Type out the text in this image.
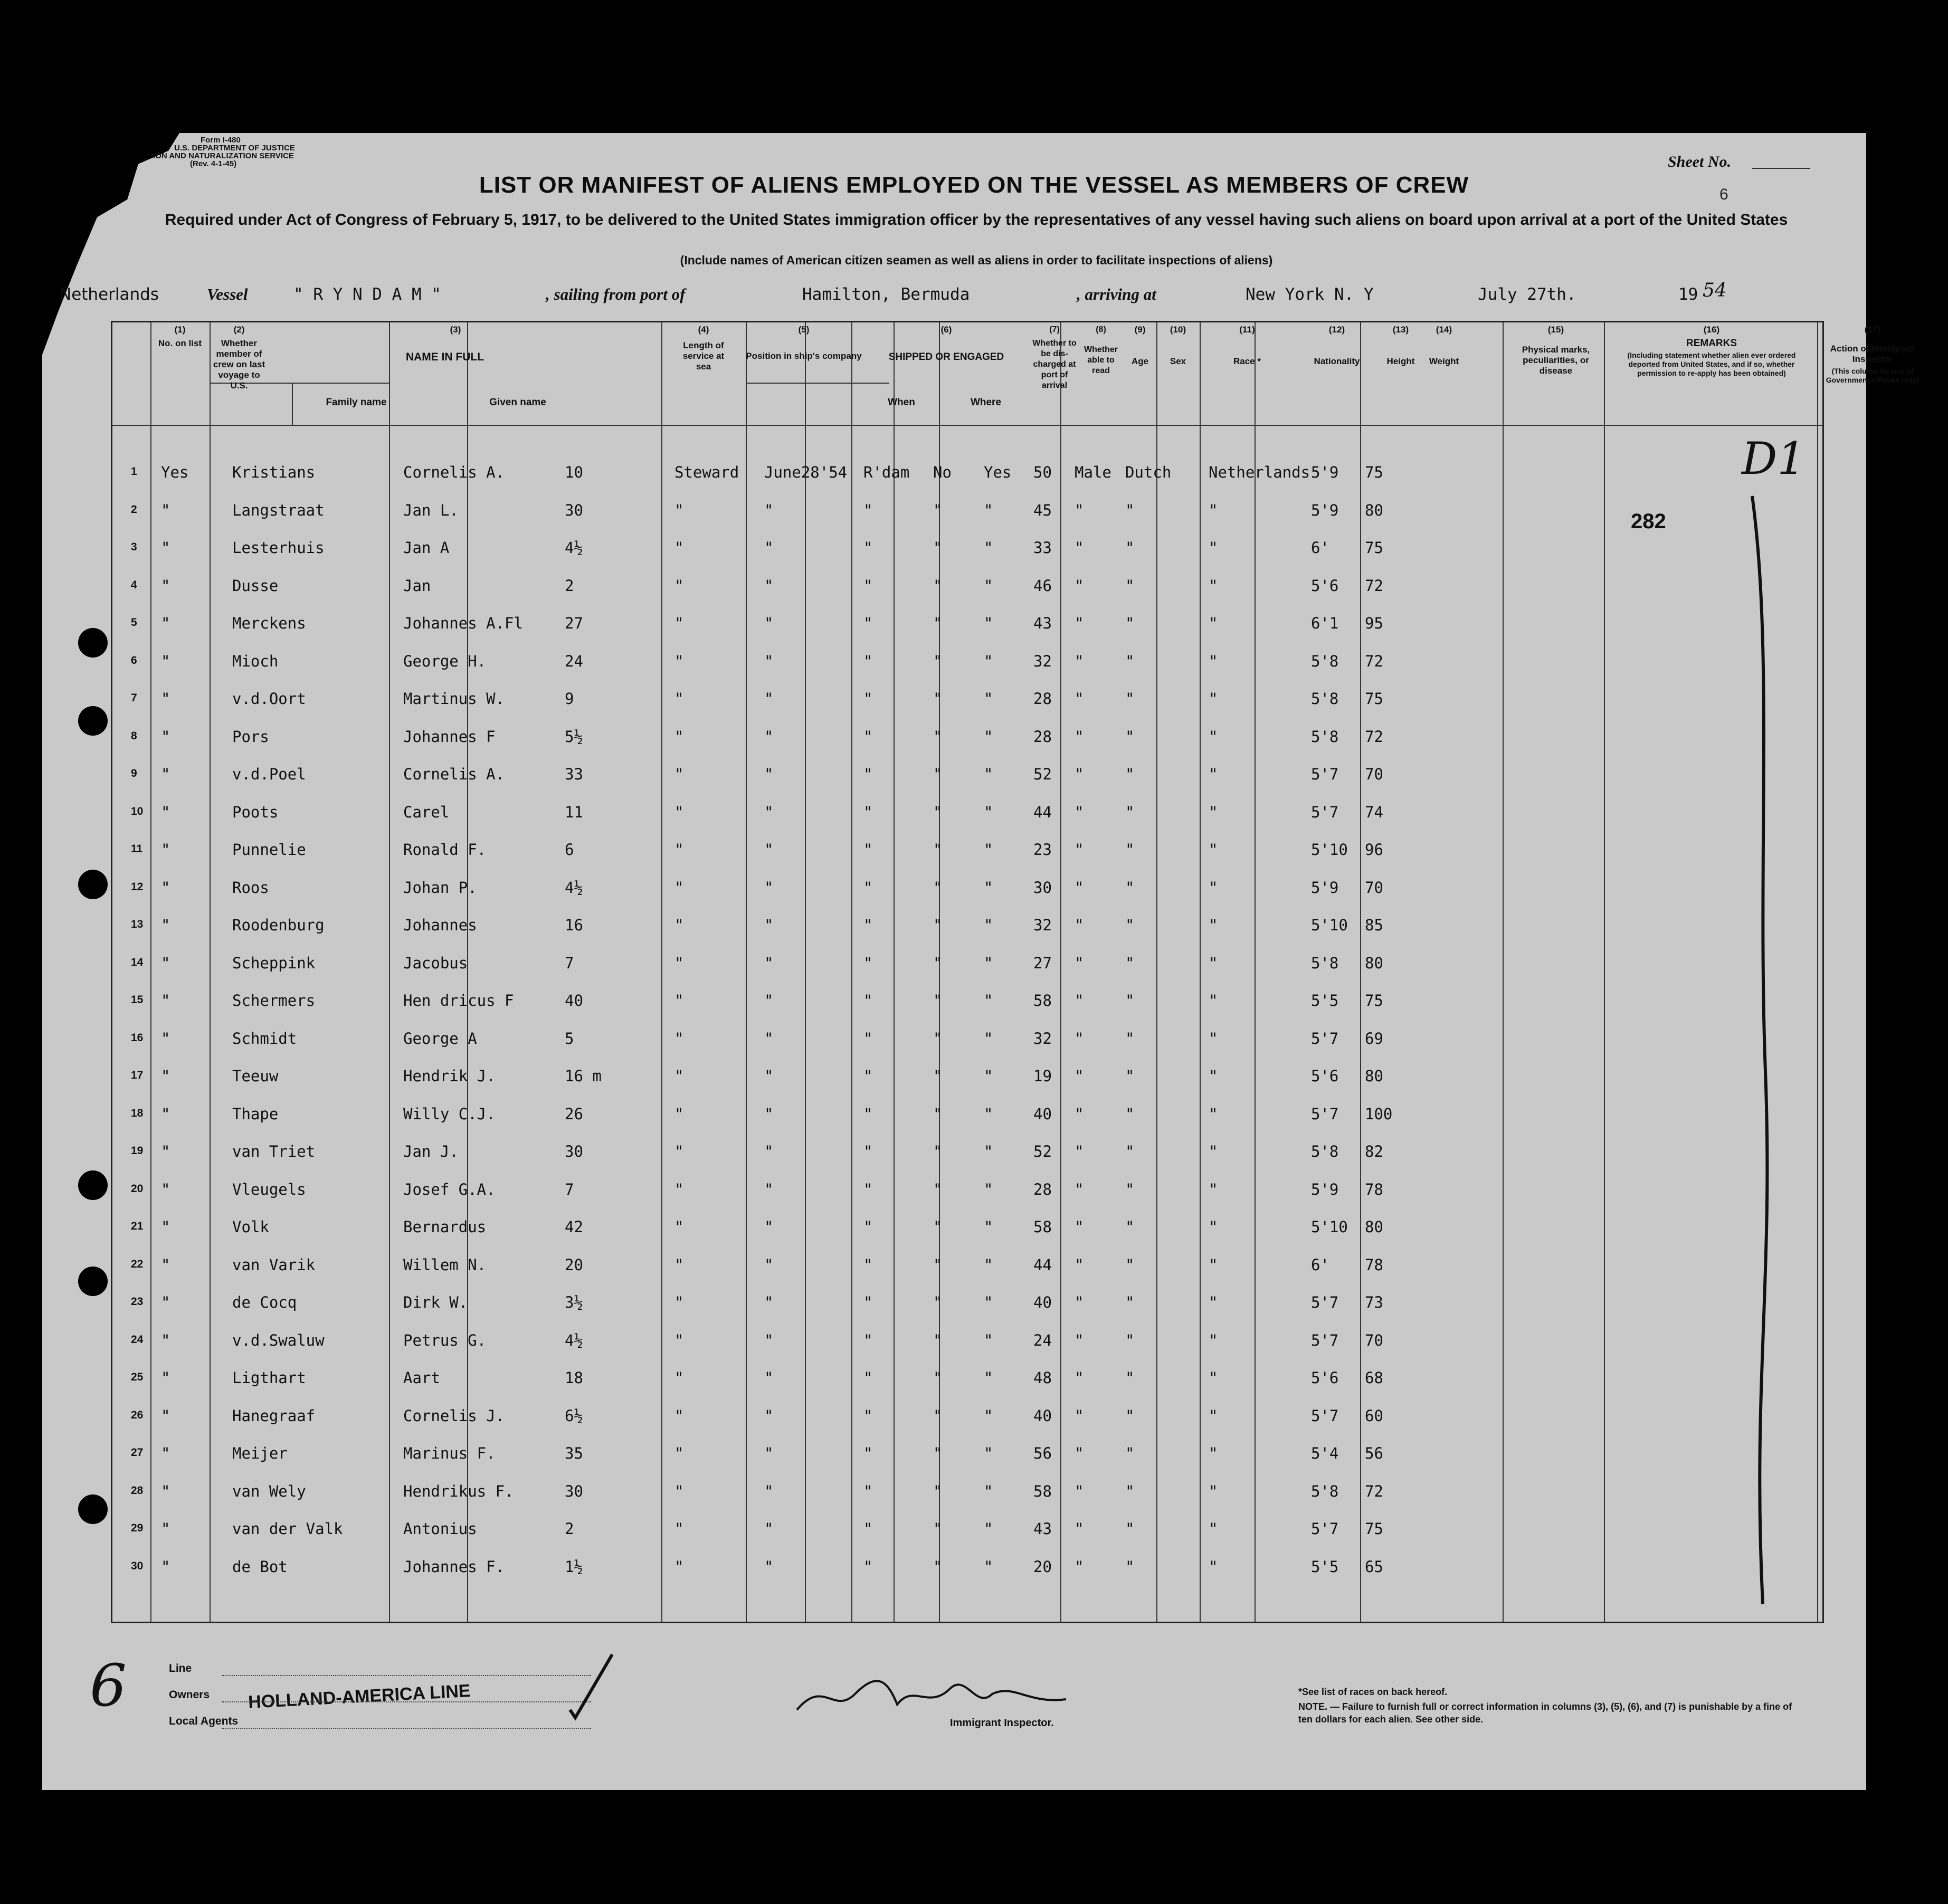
Form I-480
U.S. DEPARTMENT OF JUSTICE
ION AND NATURALIZATION SERVICE
(Rev. 4-1-45)	Sheet No.
6
LIST OR MANIFEST OF ALIENS EMPLOYED ON THE VESSEL AS MEMBERS OF CREW
Required under Act of Congress of February 5, 1917, to be delivered to the United States immigration officer by the representatives of any vessel having such aliens on board upon arrival at a port of the United States
(Include names of American citizen seamen as well as aliens in order to facilitate inspections of aliens)
Netherlands	Vessel	" R Y N D A M "	, sailing from port of	Hamilton, Bermuda	, arriving at	New York N. Y	July 27th.	19 54
(1)
No. on list
(2)
Whether member of crew on last voyage to U.S.
(3)
NAME IN FULL
Family name	Given name
(4)
Length of service at sea
(5)
Position in ship's company
(6)
SHIPPED OR ENGAGED
When	Where
(7)
Whether to be dis-charged at port of arrival
(8)
Whether able to read
(9)
Age
(10)
Sex
(11)
Race *
(12)
Nationality
(13)
Height
(14)
Weight
(15)
Physical marks, peculiarities, or disease
(16)
REMARKS
(Including statement whether alien ever ordered deported from United States, and if so, whether permission to re-apply has been obtained)
(17)
Action of Immigrant Inspector
(This column for use of Government officials only)
1 Yes	Kristians	Cornelis A.	10	Steward June28'54 R'dam No Yes 50 Male Dutch Netherlands 5'9 75
2 "	Langstraat	Jan L.	30	"	"	"	"	"	45 "	"	"	5'9 80
3 "	Lesterhuis	Jan A	4½	"	"	"	"	"	33 "	"	"	6' 75
4 "	Dusse	Jan	2	"	"	"	"	"	46 "	"	"	5'6 72
5 "	Merckens	Johannes A.Fl	27	"	"	"	"	"	43 "	"	"	6'1 95
6 "	Mioch	George H.	24	"	"	"	"	"	32 "	"	"	5'8 72
7 "	v.d.Oort	Martinus W.	9	"	"	"	"	"	28 "	"	"	5'8 75
8 "	Pors	Johannes F	5½	"	"	"	"	"	28 "	"	"	5'8 72
9 "	v.d.Poel	Cornelis A.	33	"	"	"	"	"	52 "	"	"	5'7 70
10 "	Poots	Carel	11	"	"	"	"	"	44 "	"	"	5'7 74
11 "	Punnelie	Ronald F.	6	"	"	"	"	"	23 "	"	"	5'10 96
12 "	Roos	Johan P.	4½	"	"	"	"	"	30 "	"	"	5'9 70
13 "	Roodenburg	Johannes	16	"	"	"	"	"	32 "	"	"	5'10 85
14 "	Scheppink	Jacobus	7	"	"	"	"	"	27 "	"	"	5'8 80
15 "	Schermers	Hen dricus F	40	"	"	"	"	"	58 "	"	"	5'5 75
16 "	Schmidt	George A	5	"	"	"	"	"	32 "	"	"	5'7 69
17 "	Teeuw	Hendrik J.	16 m	"	"	"	"	"	19 "	"	"	5'6 80
18 "	Thape	Willy C.J.	26	"	"	"	"	"	40 "	"	"	5'7 100
19 "	van Triet	Jan J.	30	"	"	"	"	"	52 "	"	"	5'8 82
20 "	Vleugels	Josef G.A.	7	"	"	"	"	"	28 "	"	"	5'9 78
21 "	Volk	Bernardus	42	"	"	"	"	"	58 "	"	"	5'10 80
22 "	van Varik	Willem N.	20	"	"	"	"	"	44 "	"	"	6' 78
23 "	de Cocq	Dirk W.	3½	"	"	"	"	"	40 "	"	"	5'7 73
24 "	v.d.Swaluw	Petrus G.	4½	"	"	"	"	"	24 "	"	"	5'7 70
25 "	Ligthart	Aart	18	"	"	"	"	"	48 "	"	"	5'6 68
26 "	Hanegraaf	Cornelis J.	6½	"	"	"	"	"	40 "	"	"	5'7 60
27 "	Meijer	Marinus F.	35	"	"	"	"	"	56 "	"	"	5'4 56
28 "	van Wely	Hendrikus F.	30	"	"	"	"	"	58 "	"	"	5'8 72
29 "	van der Valk	Antonius	2	"	"	"	"	"	43 "	"	"	5'7 75
30 "	de Bot	Johannes F.	1½	"	"	"	"	"	20 "	"	"	5'5 65
282
D1
Line
Owners
Local Agents
HOLLAND-AMERICA LINE
Immigrant Inspector.
6	*See list of races on back hereof.
NOTE. — Failure to furnish full or correct information in columns (3), (5), (6), and (7) is punishable by a fine of ten dollars for each alien. See other side.
